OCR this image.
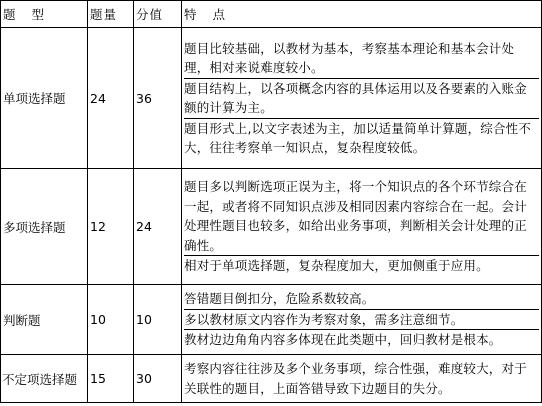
题 型	题量	分值	特 点
单项选择题	24	36	题目比较基础，以教材为基本，考察基本理论和基本会计处理，相对来说难度较小。
题目结构上，以各项概念内容的具体运用以及各要素的入账金额的计算为主。
题目形式上,以文字表述为主，加以适量简单计算题，综合性不大，往往考察单一知识点，复杂程度较低。

多项选择题	12	24	题目多以判断选项正误为主，将一个知识点的各个环节综合在一起，或者将不同知识点涉及相同因素内容综合在一起。会计处理性题目也较多，如给出业务事项，判断相关会计处理的正确性。
相对于单项选择题，复杂程度加大，更加侧重于应用。

判断题	10	10	答错题目倒扣分，危险系数较高。
多以教材原文内容作为考察对象，需多注意细节。
教材边边角角内容多体现在此类题中，回归教材是根本。

不定项选择题	15	30	考察内容往往涉及多个业务事项，综合性强，难度较大，对于关联性的题目，上面答错导致下边题目的失分。
